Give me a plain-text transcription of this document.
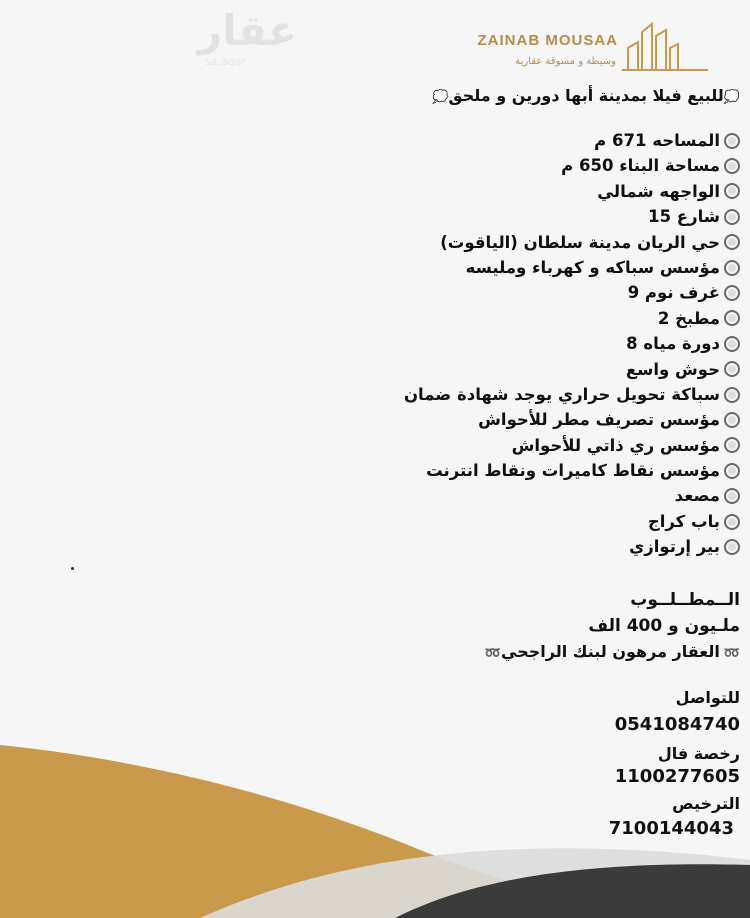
عقار
sa.aqar
ZAINAB MOUSAA
وسيطة و مسوقة عقارية
💭للبيع فيلا بمدينة أبها دورين و ملحق💭
المساحه 671 م
مساحة البناء 650 م
الواجهه شمالي
شارع 15
حي الريان مدينة سلطان (الياقوت)
مؤسس سباكه و كهرباء ومليسه
غرف نوم 9
مطبخ 2
دورة مياه 8
حوش واسع
سباكة تحويل حراري يوجد شهادة ضمان
مؤسس تصريف مطر للأحواش
مؤسس ري ذاتي للأحواش
مؤسس نقاط كاميرات ونقاط انترنت
مصعد
باب كراج
بير إرتوازي
الــمطــلــوب
ملـيون و 400 الف
➿العقار مرهون لبنك الراجحي➿
للتواصل
0541084740
رخصة فال
1100277605
الترخيص
7100144043
